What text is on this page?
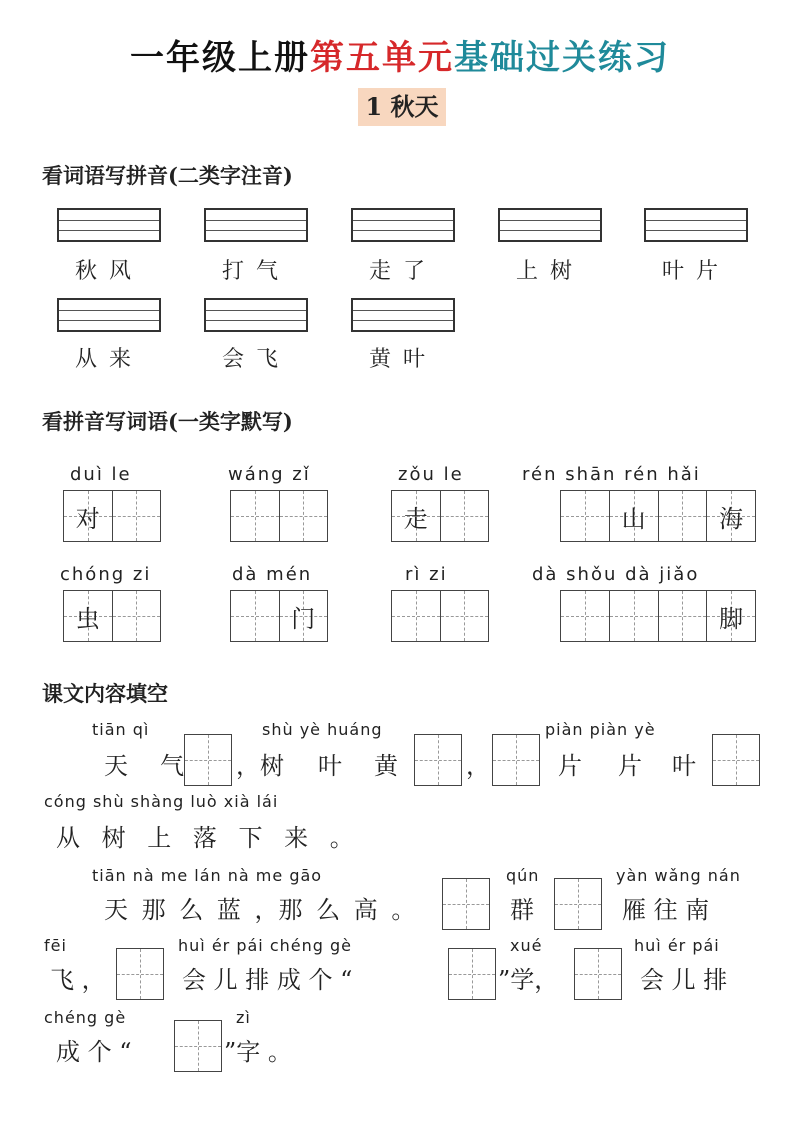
一年级上册第五单元基础过关练习
1 秋天
看词语写拼音(二类字注音)
秋风	打气	走了	上树	叶片
从来	会飞	黄叶
看拼音写词语(一类字默写)
duì le
对
wáng zǐ	zǒu le
走
rén shān rén hǎi
山	海
chóng zi
虫
dà mén
门
rì zi	dà shǒu dà jiǎo
脚
课文内容填空
tiān qì	shù yè huáng	piàn piàn yè
天 气 ，树 叶 黄	，	片 片 叶
cóng shù shàng luò xià lái
从 树 上 落 下 来 。
tiān nà me lán nà me gāo	qún	yàn wǎng nán
天 那 么 蓝 ，那 么 高 。	群	雁 往 南
fēi	huì ér pái chéng gè	xué	huì ér pái
飞 ，	会 儿 排 成 个 “	”学，	会 儿 排
chéng gè	zì
成 个 “	”字 。
